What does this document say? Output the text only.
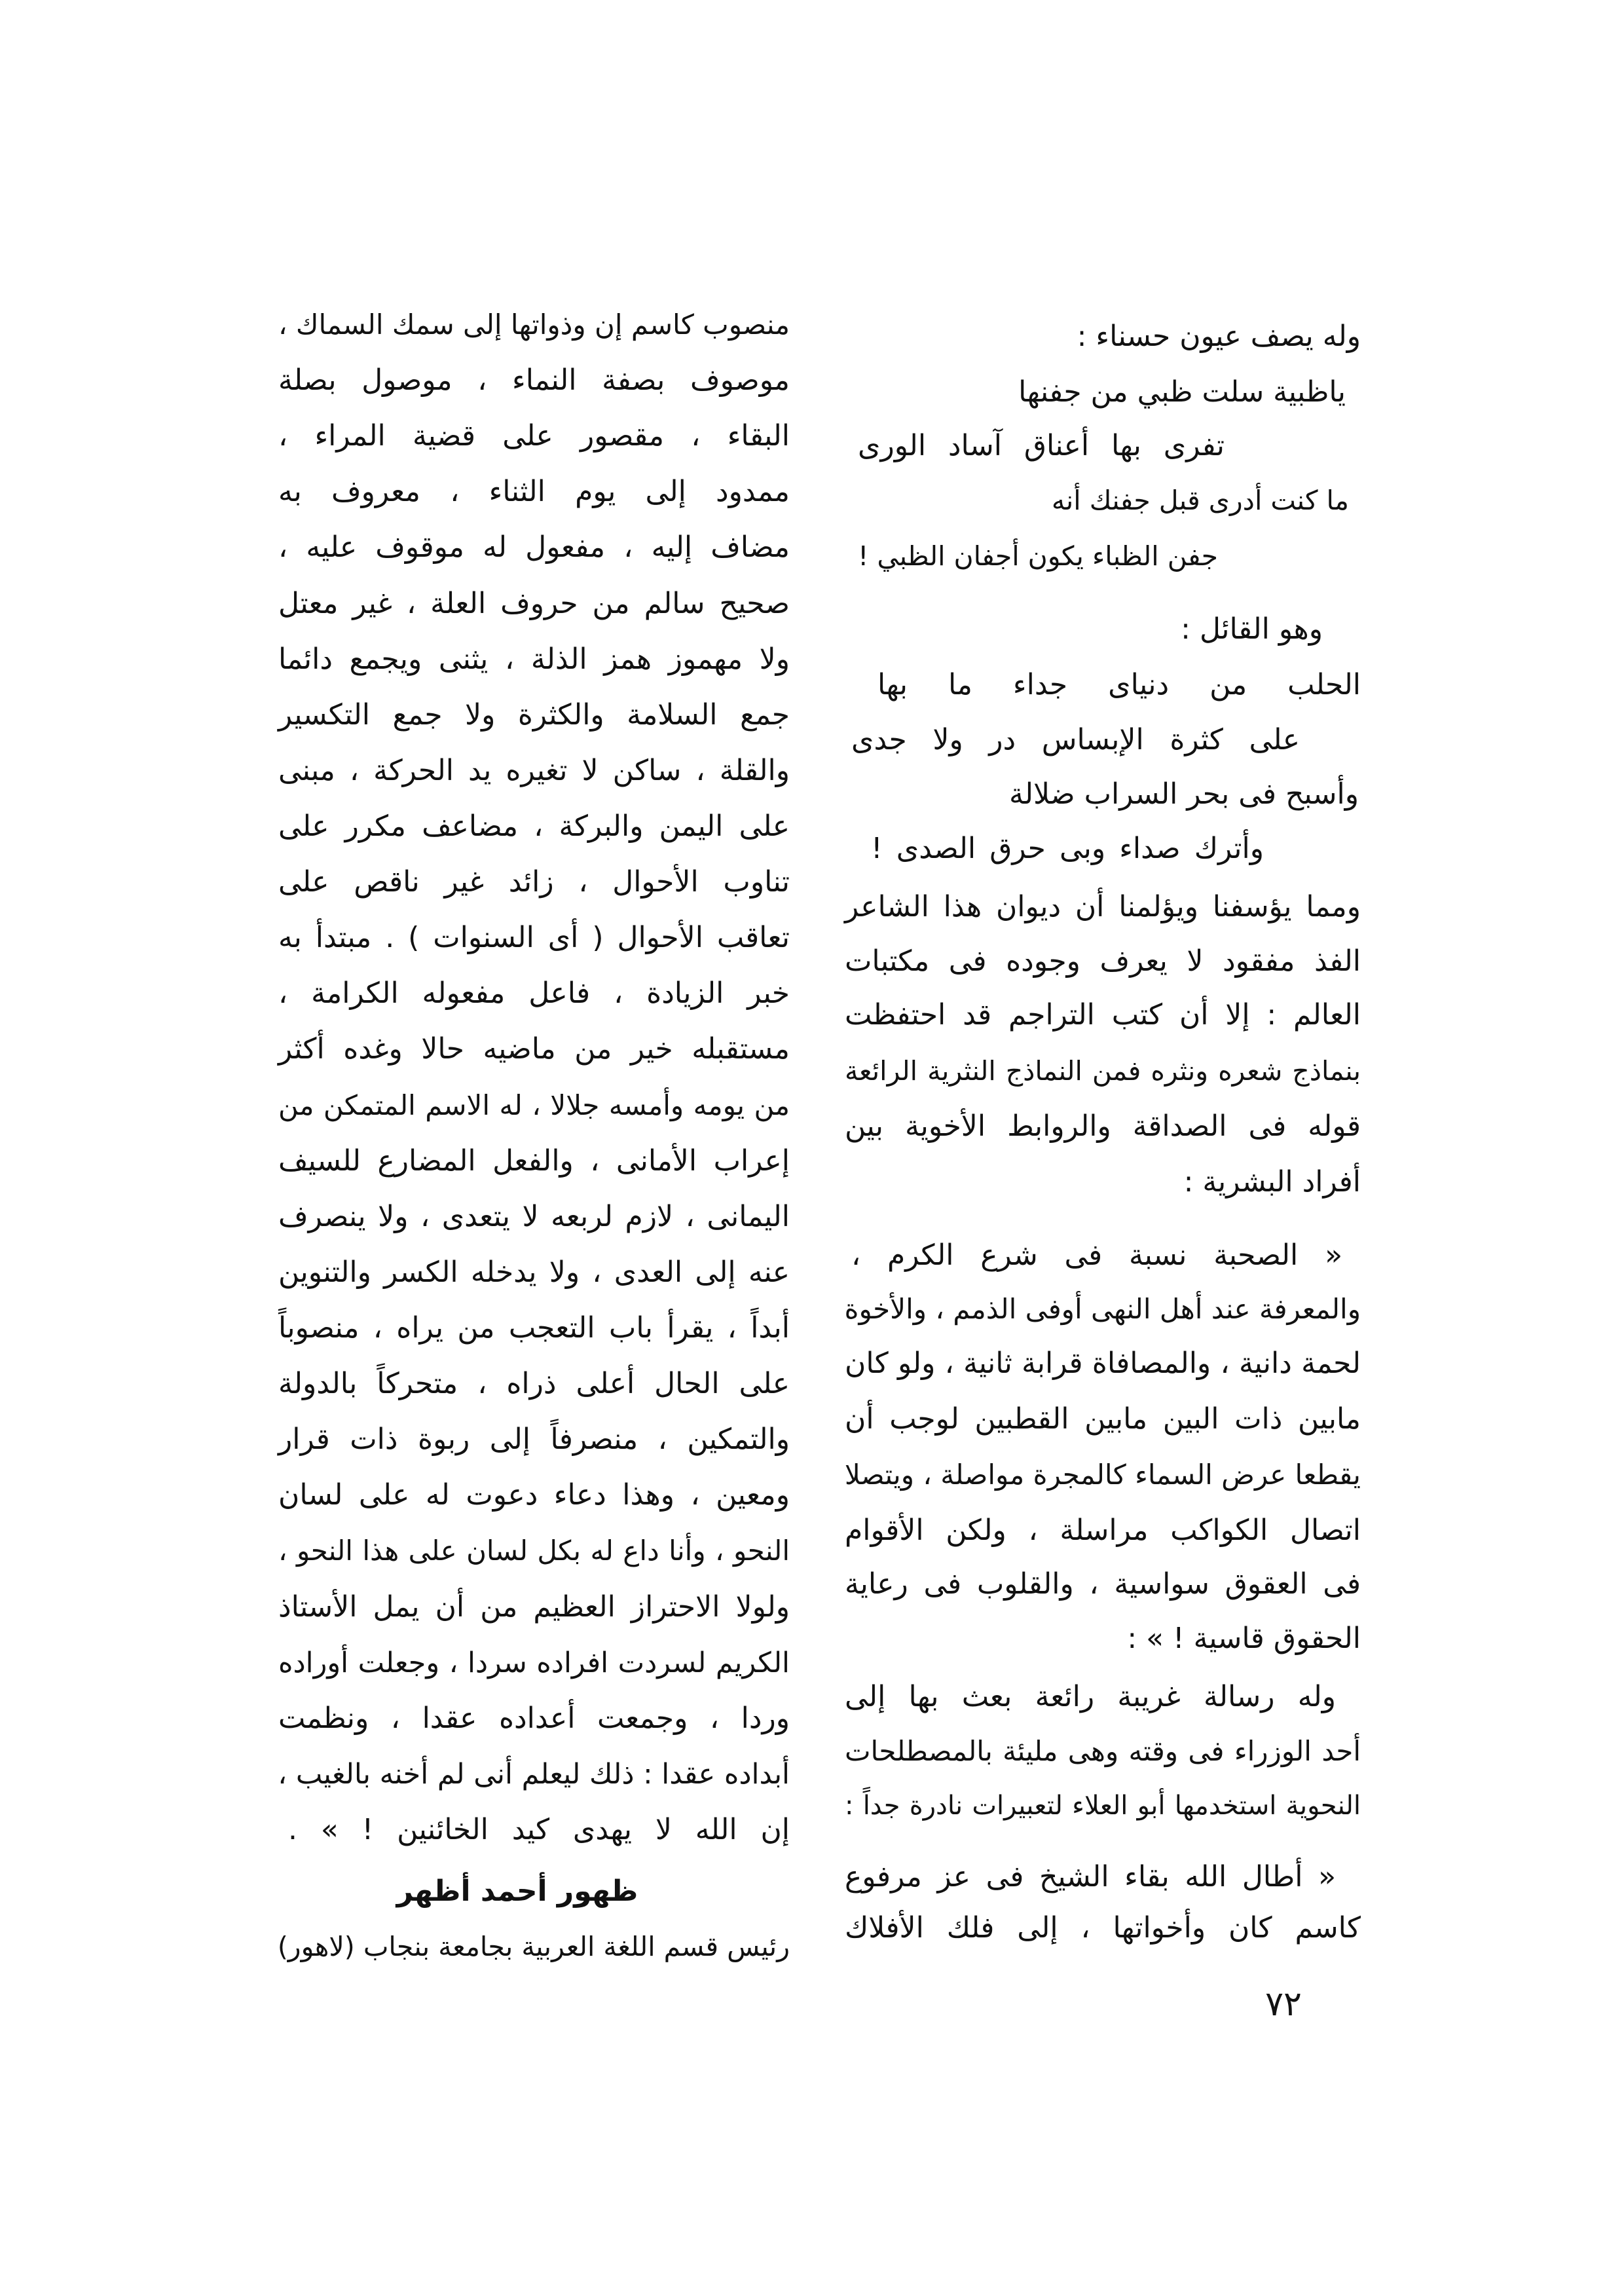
وله يصف عيون حسناء :
ياظبية سلت ظبي من جفنها
تفرى بها أعناق آساد الورى
ما كنت أدرى قبل جفنك أنه
جفن الظباء يكون أجفان الظبي !
وهو القائل :
الحلب من دنياى جداء ما بها
على كثرة الإبساس در ولا جدى
وأسبح فى بحر السراب ضلالة
وأترك صداء وبى حرق الصدى !
ومما يؤسفنا ويؤلمنا أن ديوان هذا الشاعر
الفذ مفقود لا يعرف وجوده فى مكتبات
العالم : إلا أن كتب التراجم قد احتفظت
بنماذج شعره ونثره فمن النماذج النثرية الرائعة
قوله فى الصداقة والروابط الأخوية بين
أفراد البشرية :
« الصحبة نسبة فى شرع الكرم ،
والمعرفة عند أهل النهى أوفى الذمم ، والأخوة
لحمة دانية ، والمصافاة قرابة ثانية ، ولو كان
مابين ذات البين مابين القطبين لوجب أن
يقطعا عرض السماء كالمجرة مواصلة ، ويتصلا
اتصال الكواكب مراسلة ، ولكن الأقوام
فى العقوق سواسية ، والقلوب فى رعاية
الحقوق قاسية ! » :
وله رسالة غريبة رائعة بعث بها إلى
أحد الوزراء فى وقته وهى مليئة بالمصطلحات
النحوية استخدمها أبو العلاء لتعبيرات نادرة جداً :
« أطال الله بقاء الشيخ فى عز مرفوع
كاسم كان وأخواتها ، إلى فلك الأفلاك
منصوب كاسم إن وذواتها إلى سمك السماك ،
موصوف بصفة النماء ، موصول بصلة
البقاء ، مقصور على قضية المراء ،
ممدود إلى يوم الثناء ، معروف به
مضاف إليه ، مفعول له موقوف عليه ،
صحيح سالم من حروف العلة ، غير معتل
ولا مهموز همز الذلة ، يثنى ويجمع دائما
جمع السلامة والكثرة ولا جمع التكسير
والقلة ، ساكن لا تغيره يد الحركة ، مبنى
على اليمن والبركة ، مضاعف مكرر على
تناوب الأحوال ، زائد غير ناقص على
تعاقب الأحوال ( أى السنوات ) . مبتدأ به
خبر الزيادة ، فاعل مفعوله الكرامة ،
مستقبله خير من ماضيه حالا وغده أكثر
من يومه وأمسه جلالا ، له الاسم المتمكن من
إعراب الأمانى ، والفعل المضارع للسيف
اليمانى ، لازم لربعه لا يتعدى ، ولا ينصرف
عنه إلى العدى ، ولا يدخله الكسر والتنوين
أبداً ، يقرأ باب التعجب من يراه ، منصوباً
على الحال أعلى ذراه ، متحركاً بالدولة
والتمكين ، منصرفاً إلى ربوة ذات قرار
ومعين ، وهذا دعاء دعوت له على لسان
النحو ، وأنا داع له بكل لسان على هذا النحو ،
ولولا الاحتراز العظيم من أن يمل الأستاذ
الكريم لسردت افراده سردا ، وجعلت أوراده
وردا ، وجمعت أعداده عقدا ، ونظمت
أبداده عقدا : ذلك ليعلم أنى لم أخنه بالغيب ،
إن الله لا يهدى كيد الخائنين ! » .
ظهور أحمد أظهر
رئيس قسم اللغة العربية بجامعة بنجاب (لاهور)
٧٢
